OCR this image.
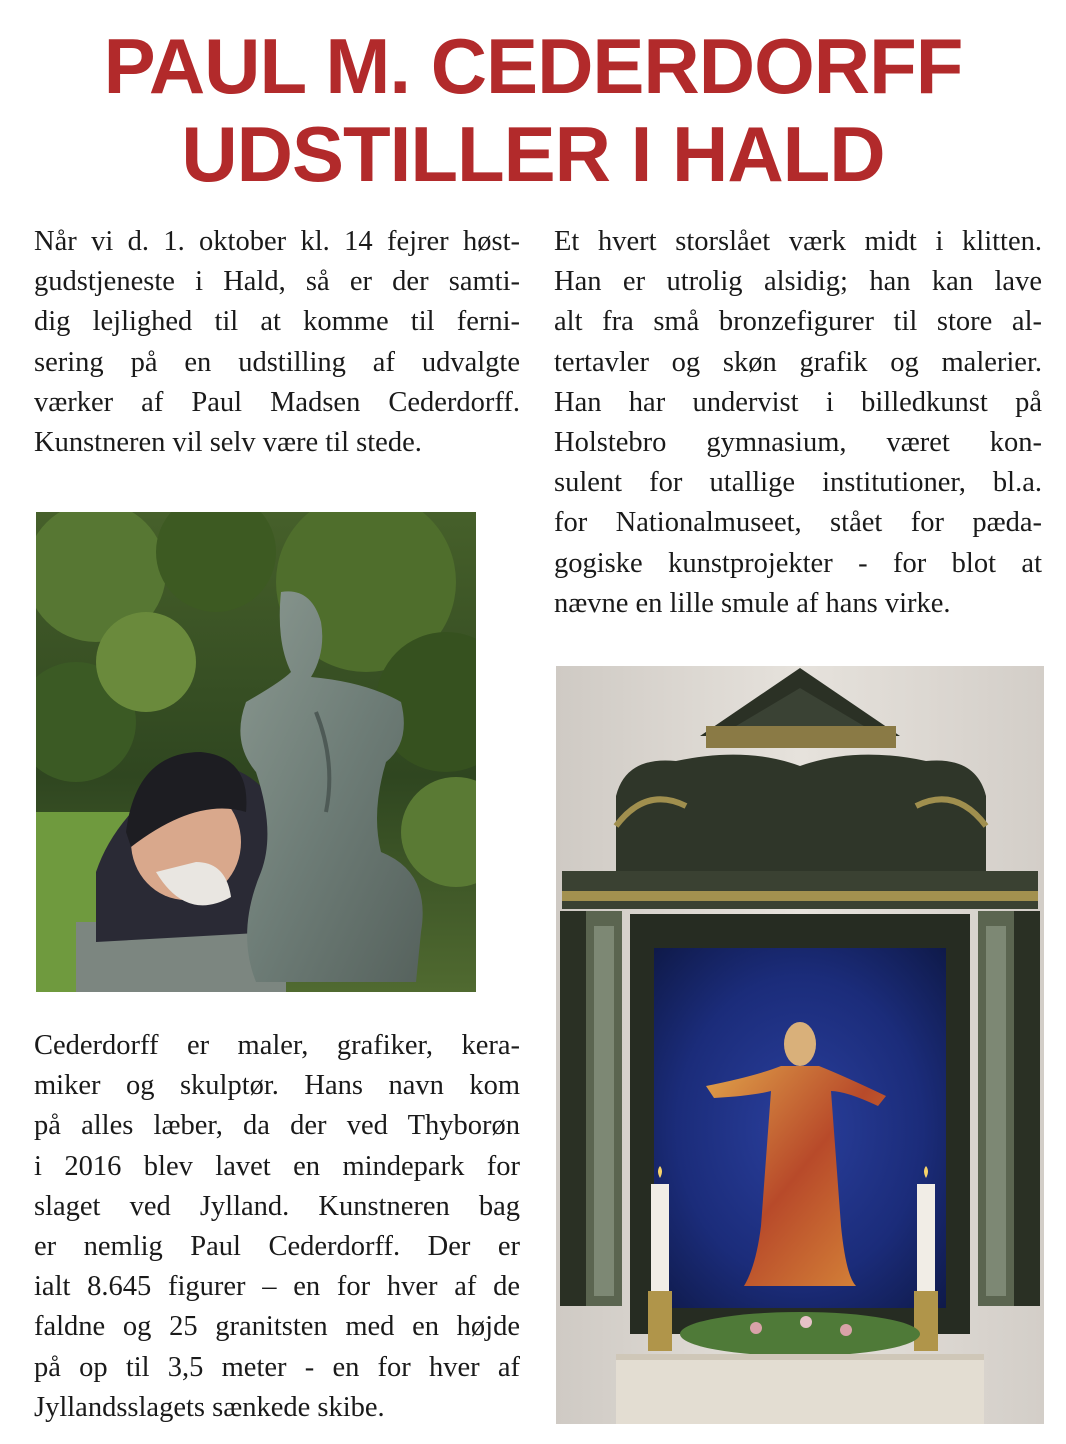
PAUL M. CEDERDORFF
UDSTILLER I HALD

Når vi d. 1. oktober kl. 14 fejrer høst-
gudstjeneste i Hald, så er der samti-
dig lejlighed til at komme til ferni-
sering på en udstilling af udvalgte
værker af Paul Madsen Cederdorff.
Kunstneren vil selv være til stede.

Cederdorff er maler, grafiker, kera-
miker og skulptør. Hans navn kom
på alles læber, da der ved Thyborøn
i 2016 blev lavet en mindepark for
slaget ved Jylland. Kunstneren bag
er nemlig Paul Cederdorff. Der er
ialt 8.645 figurer – en for hver af de
faldne og 25 granitsten med en højde
på op til 3,5 meter - en for hver af
Jyllandsslagets sænkede skibe.

Et hvert storslået værk midt i klitten.
Han er utrolig alsidig; han kan lave
alt fra små bronzefigurer til store al-
tertavler og skøn grafik og malerier.
Han har undervist i billedkunst på
Holstebro gymnasium, været kon-
sulent for utallige institutioner, bl.a.
for Nationalmuseet, stået for pæda-
gogiske kunstprojekter - for blot at
nævne en lille smule af hans virke.
